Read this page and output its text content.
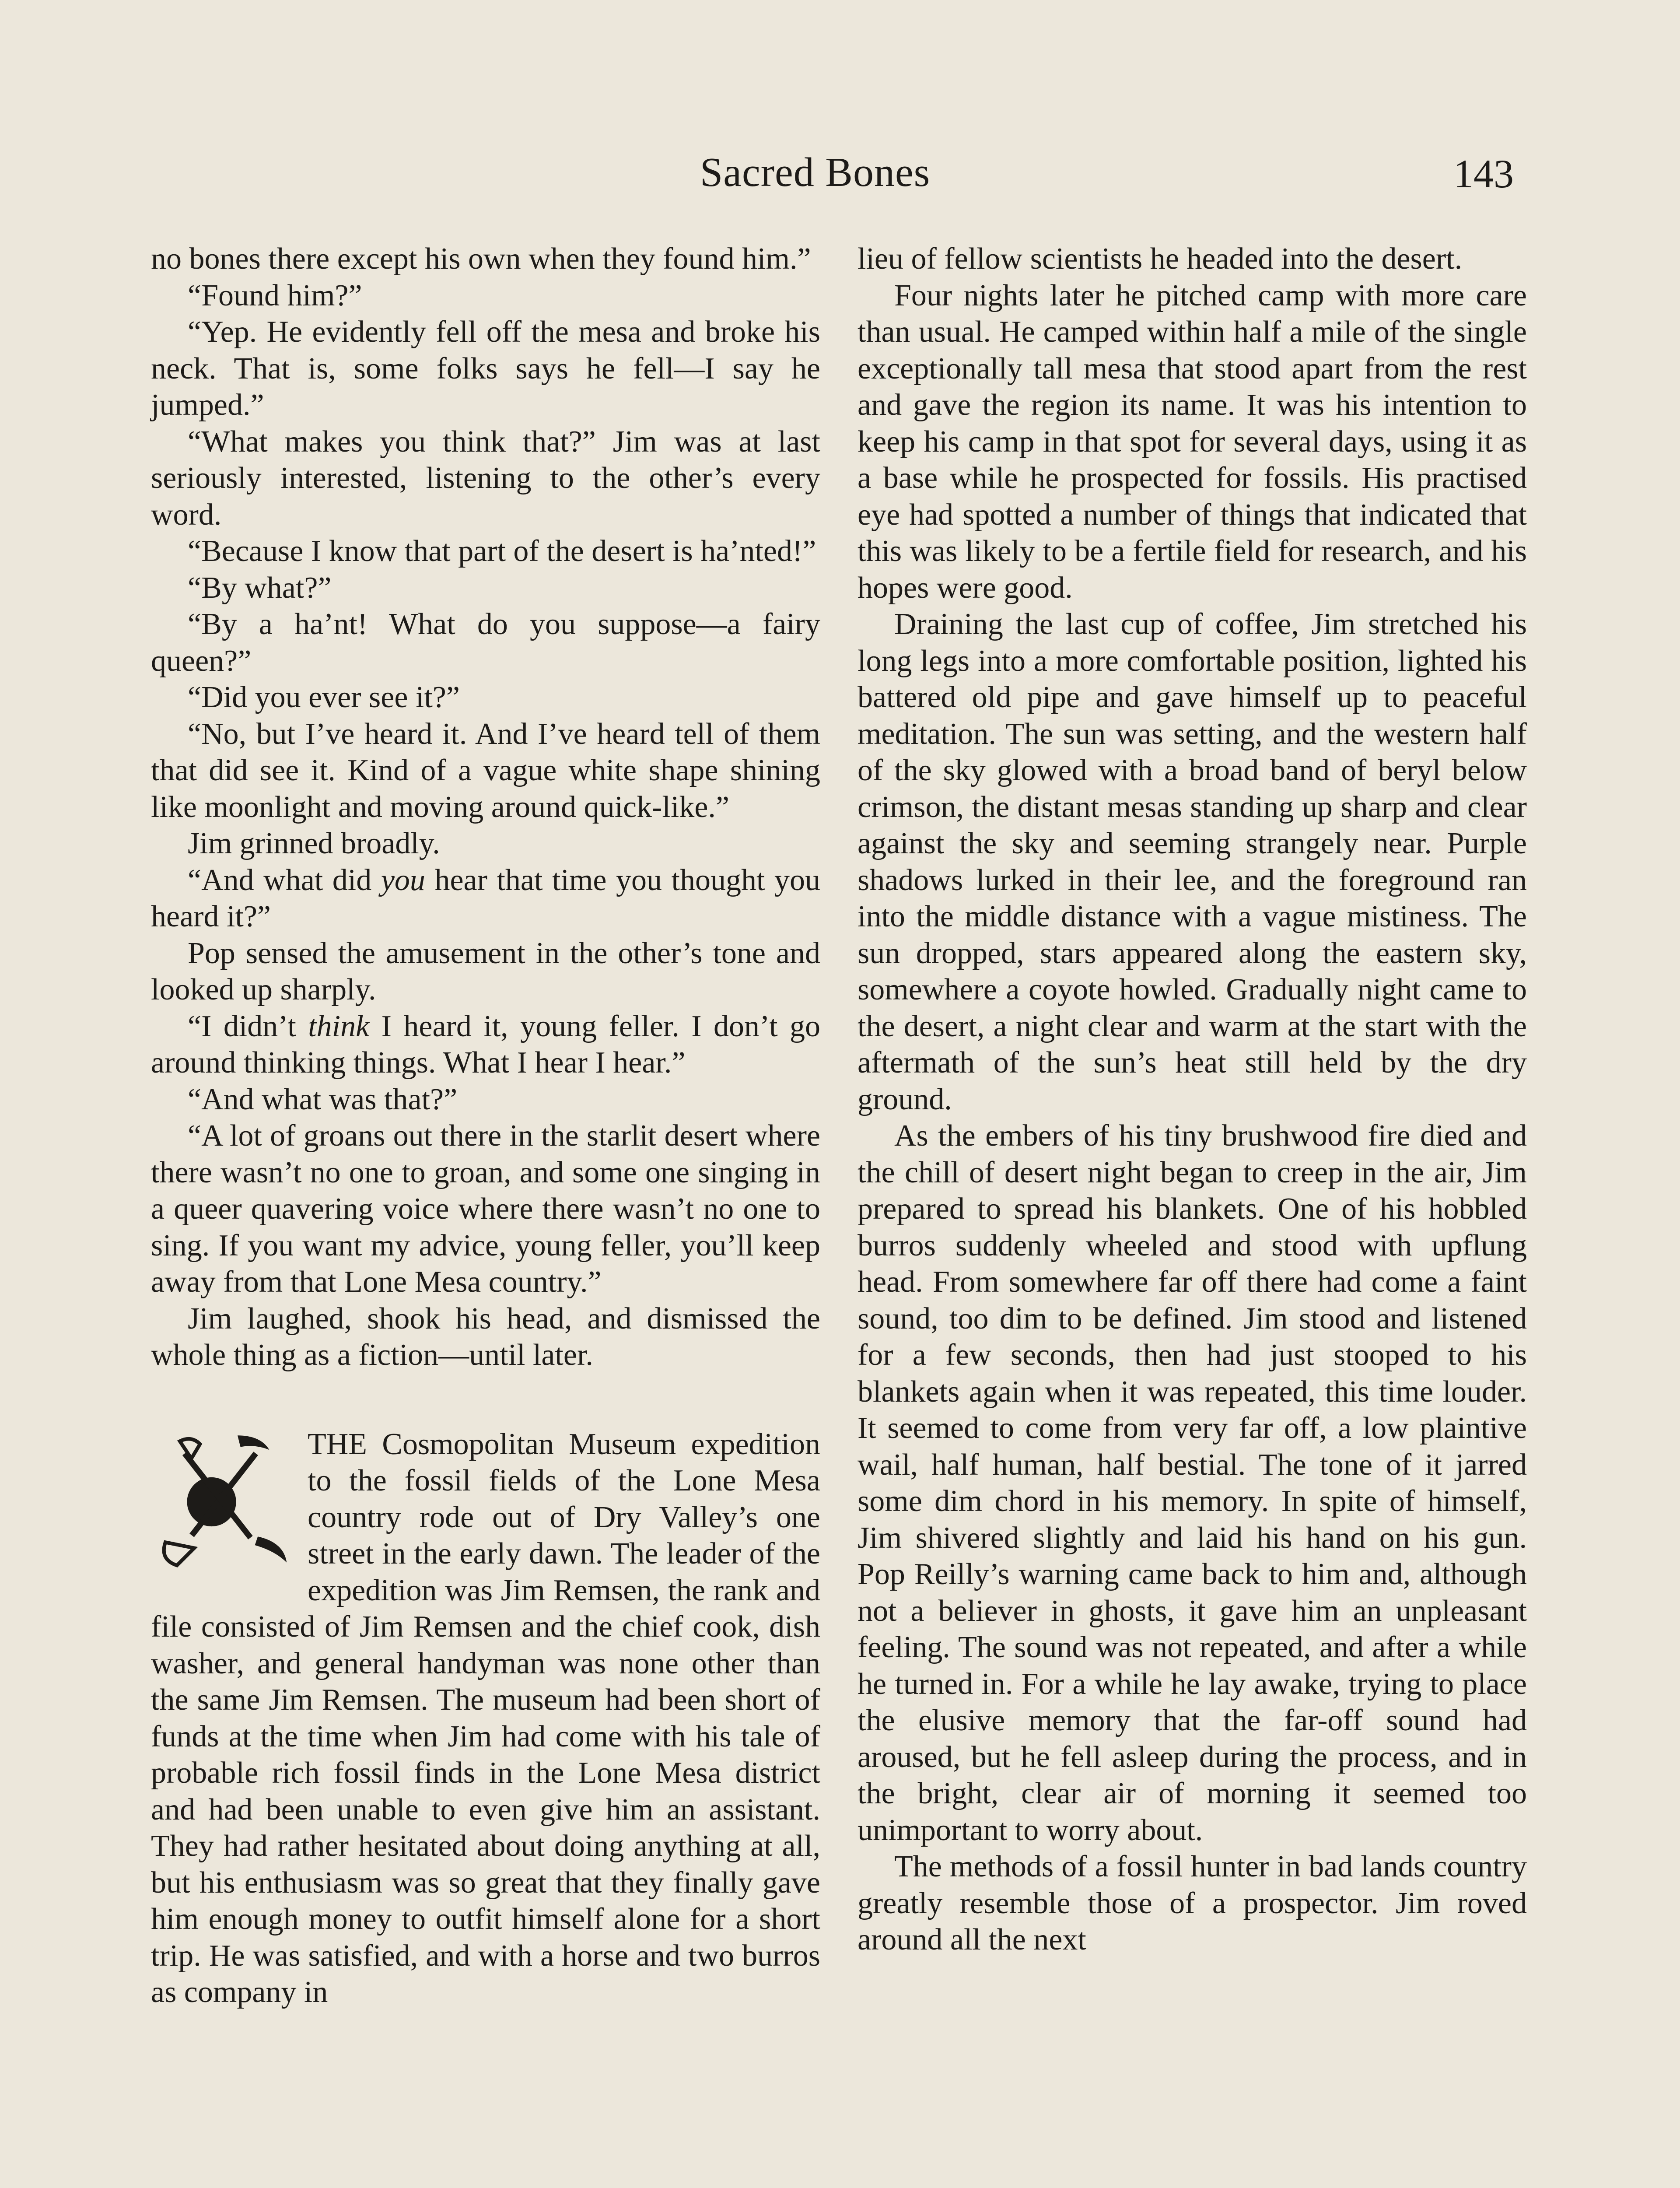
Sacred Bones	143

no bones there except his own when they found him.”

“Found him?”

“Yep. He evidently fell off the mesa and broke his neck. That is, some folks says he fell—I say he jumped.”

“What makes you think that?” Jim was at last seriously interested, listening to the other’s every word.

“Because I know that part of the desert is ha’nted!”

“By what?”

“By a ha’nt! What do you suppose—a fairy queen?”

“Did you ever see it?”

“No, but I’ve heard it. And I’ve heard tell of them that did see it. Kind of a vague white shape shining like moonlight and moving around quick-like.”

Jim grinned broadly.

“And what did you hear that time you thought you heard it?”

Pop sensed the amusement in the other’s tone and looked up sharply.

“I didn’t think I heard it, young feller. I don’t go around thinking things. What I hear I hear.”

“And what was that?”

“A lot of groans out there in the starlit desert where there wasn’t no one to groan, and some one singing in a queer quavering voice where there wasn’t no one to sing. If you want my advice, young feller, you’ll keep away from that Lone Mesa country.”

Jim laughed, shook his head, and dismissed the whole thing as a fiction—until later.

THE Cosmopolitan Museum expedition to the fossil fields of the Lone Mesa country rode out of Dry Valley’s one street in the early dawn. The leader of the expedition was Jim Remsen, the rank and file consisted of Jim Remsen and the chief cook, dish washer, and general handyman was none other than the same Jim Remsen. The museum had been short of funds at the time when Jim had come with his tale of probable rich fossil finds in the Lone Mesa district and had been unable to even give him an assistant. They had rather hesitated about doing anything at all, but his enthusiasm was so great that they finally gave him enough money to outfit himself alone for a short trip. He was satisfied, and with a horse and two burros as company in

lieu of fellow scientists he headed into the desert.

Four nights later he pitched camp with more care than usual. He camped within half a mile of the single exceptionally tall mesa that stood apart from the rest and gave the region its name. It was his intention to keep his camp in that spot for several days, using it as a base while he prospected for fossils. His practised eye had spotted a number of things that indicated that this was likely to be a fertile field for research, and his hopes were good.

Draining the last cup of coffee, Jim stretched his long legs into a more comfortable position, lighted his battered old pipe and gave himself up to peaceful meditation. The sun was setting, and the western half of the sky glowed with a broad band of beryl below crimson, the distant mesas standing up sharp and clear against the sky and seeming strangely near. Purple shadows lurked in their lee, and the foreground ran into the middle distance with a vague mistiness. The sun dropped, stars appeared along the eastern sky, somewhere a coyote howled. Gradually night came to the desert, a night clear and warm at the start with the aftermath of the sun’s heat still held by the dry ground.

As the embers of his tiny brushwood fire died and the chill of desert night began to creep in the air, Jim prepared to spread his blankets. One of his hobbled burros suddenly wheeled and stood with upflung head. From somewhere far off there had come a faint sound, too dim to be defined. Jim stood and listened for a few seconds, then had just stooped to his blankets again when it was repeated, this time louder. It seemed to come from very far off, a low plaintive wail, half human, half bestial. The tone of it jarred some dim chord in his memory. In spite of himself, Jim shivered slightly and laid his hand on his gun. Pop Reilly’s warning came back to him and, although not a believer in ghosts, it gave him an unpleasant feeling. The sound was not repeated, and after a while he turned in. For a while he lay awake, trying to place the elusive memory that the far-off sound had aroused, but he fell asleep during the process, and in the bright, clear air of morning it seemed too unimportant to worry about.

The methods of a fossil hunter in bad lands country greatly resemble those of a prospector. Jim roved around all the next
